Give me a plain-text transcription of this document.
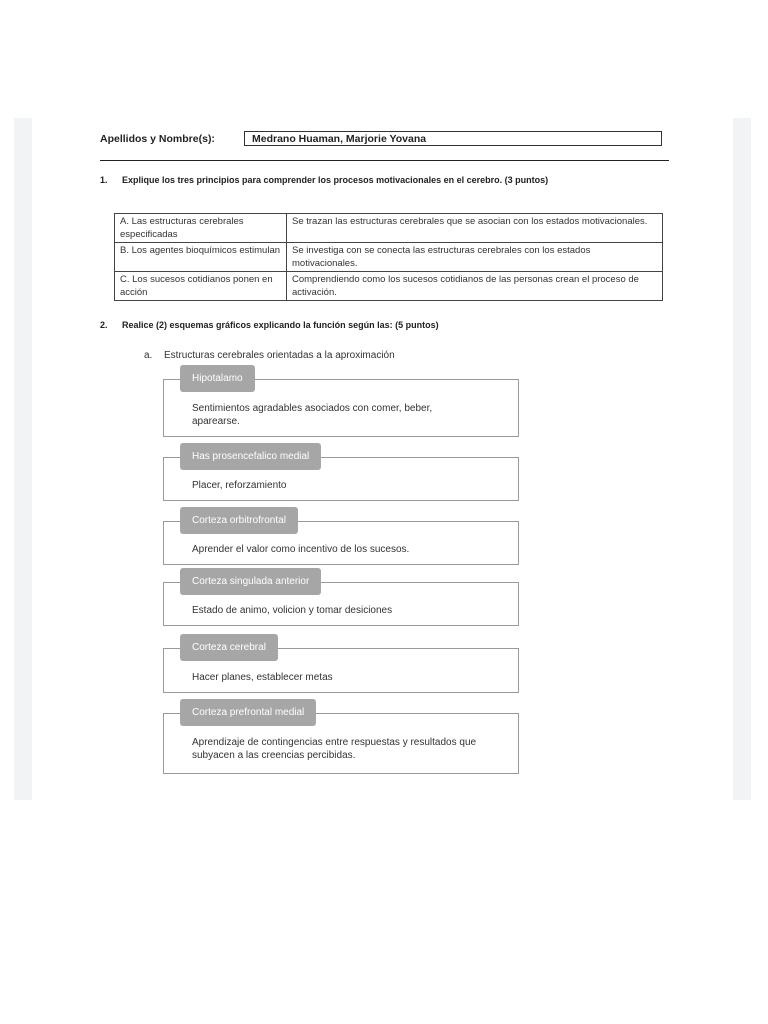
Apellidos y Nombre(s):	Medrano Huaman, Marjorie Yovana
1. Explique los tres principios para comprender los procesos motivacionales en el cerebro. (3 puntos)
A. Las estructuras cerebrales especificadas	Se trazan las estructuras cerebrales que se asocian con los estados motivacionales.
B. Los agentes bioquímicos estimulan	Se investiga con se conecta las estructuras cerebrales con los estados motivacionales.
C. Los sucesos cotidianos ponen en acción	Comprendiendo como los sucesos cotidianos de las personas crean el proceso de activación.
2. Realice (2) esquemas gráficos explicando la función según las: (5 puntos)
a. Estructuras cerebrales orientadas a la aproximación
Hipotalamo
Sentimientos agradables asociados con comer, beber, aparearse.
Has prosencefalico medial
Placer, reforzamiento
Corteza orbitrofrontal
Aprender el valor como incentivo de los sucesos.
Corteza singulada anterior
Estado de animo, volicion y tomar desiciones
Corteza cerebral
Hacer planes, establecer metas
Corteza prefrontal medial
Aprendizaje de contingencias entre respuestas y resultados que subyacen a las creencias percibidas.
